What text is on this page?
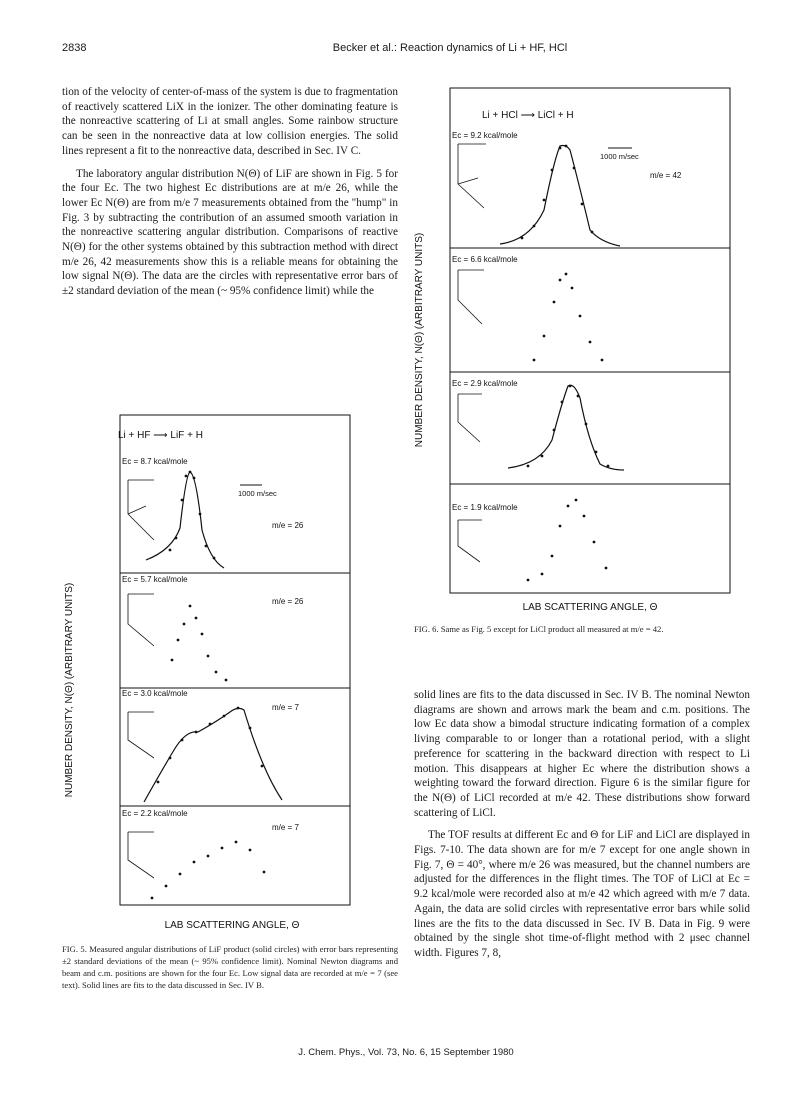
2838	Becker et al.: Reaction dynamics of Li + HF, HCl

tion of the velocity of center-of-mass of the system is due to fragmentation of reactively scattered LiX in the ionizer. The other dominating feature is the nonreactive scattering of Li at small angles. Some rainbow structure can be seen in the nonreactive data at low collision energies. The solid lines represent a fit to the nonreactive data, described in Sec. IV C.

The laboratory angular distribution N(Θ) of LiF are shown in Fig. 5 for the four Ec. The two highest Ec distributions are at m/e 26, while the lower Ec N(Θ) are from m/e 7 measurements obtained from the "hump" in Fig. 3 by subtracting the contribution of an assumed smooth variation in the nonreactive scattering angular distribution. Comparisons of reactive N(Θ) for the other systems obtained by this subtraction method with direct m/e 26, 42 measurements show this is a reliable means for obtaining the low signal N(Θ). The data are the circles with representative error bars of ±2 standard deviation of the mean (~ 95% confidence limit) while the

Li + HF ⟶ LiF + H
NUMBER DENSITY, N(Θ) (ARBITRARY UNITS)
LAB SCATTERING ANGLE, Θ
1000 m/sec
Ec = 8.7 kcal/mole
m/e = 26
Ec = 5.7 kcal/mole
m/e = 26
Ec = 3.0 kcal/mole
m/e = 7
Ec = 2.2 kcal/mole
m/e = 7
FIG. 5. Measured angular distributions of LiF product (solid circles) with error bars representing ±2 standard deviations of the mean (~ 95% confidence limit). Nominal Newton diagrams and beam and c.m. positions are shown for the four Ec. Low signal data are recorded at m/e = 7 (see text). Solid lines are fits to the data discussed in Sec. IV B.
Li + HCl ⟶ LiCl + H
NUMBER DENSITY, N(Θ) (ARBITRARY UNITS)
LAB SCATTERING ANGLE, Θ
1000 m/sec
m/e = 42
Ec = 9.2 kcal/mole
Ec = 6.6 kcal/mole
Ec = 2.9 kcal/mole
Ec = 1.9 kcal/mole
FIG. 6. Same as Fig. 5 except for LiCl product all measured at m/e = 42.

solid lines are fits to the data discussed in Sec. IV B. The nominal Newton diagrams are shown and arrows mark the beam and c.m. positions. The low Ec data show a bimodal structure indicating formation of a complex living comparable to or longer than a rotational period, with a slight preference for scattering in the backward direction with respect to Li motion. This disappears at higher Ec where the distribution shows a weighting toward the forward direction. Figure 6 is the similar figure for the N(Θ) of LiCl recorded at m/e 42. These distributions show forward scattering of LiCl.

The TOF results at different Ec and Θ for LiF and LiCl are displayed in Figs. 7-10. The data shown are for m/e 7 except for one angle shown in Fig. 7, Θ = 40°, where m/e 26 was measured, but the channel numbers are adjusted for the differences in the flight times. The TOF of LiCl at Ec = 9.2 kcal/mole were recorded also at m/e 42 which agreed with m/e 7 data. Again, the data are solid circles with representative error bars while solid lines are the fits to the data discussed in Sec. IV B. Data in Fig. 9 were obtained by the single shot time-of-flight method with 2 μsec channel width. Figures 7, 8,

J. Chem. Phys., Vol. 73, No. 6, 15 September 1980
